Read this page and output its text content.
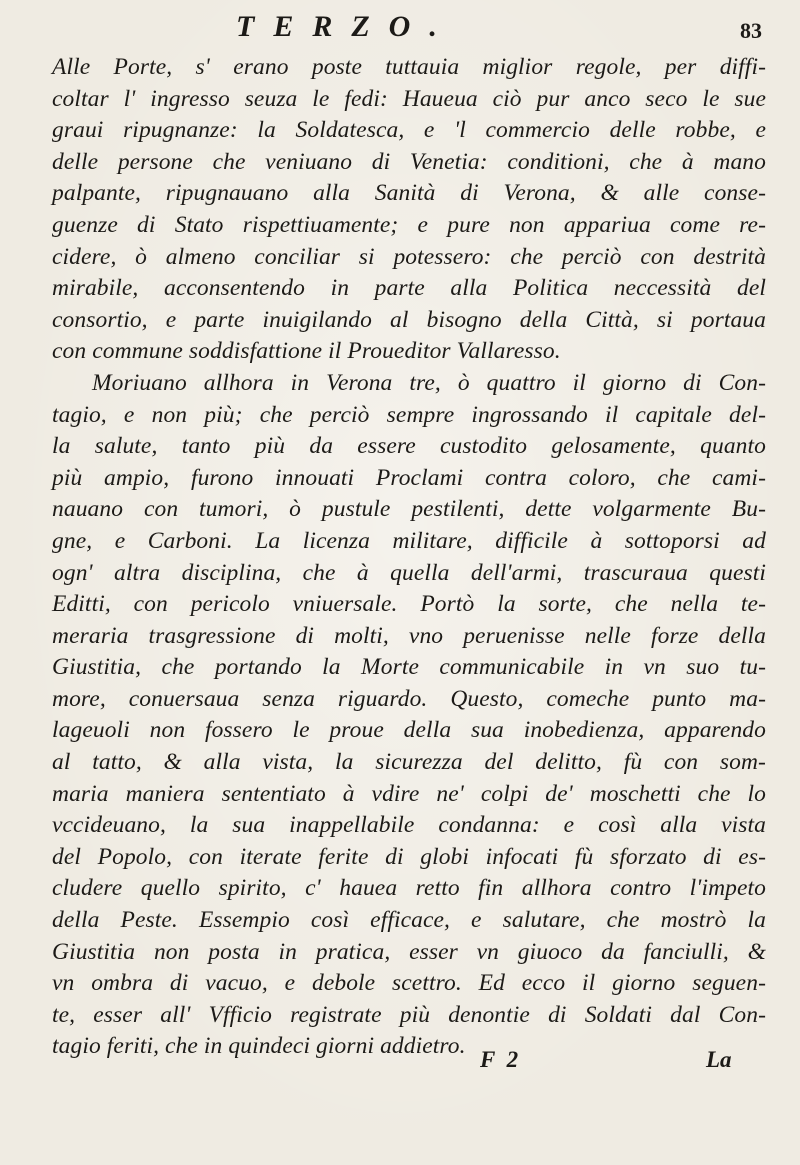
TERZO.	83
Alle Porte, s' erano poste tuttauia miglior regole, per diffi-
coltar l' ingresso seuza le fedi: Haueua ciò pur anco seco le sue
graui ripugnanze: la Soldatesca, e 'l commercio delle robbe, e
delle persone che veniuano di Venetia: conditioni, che à mano
palpante, ripugnauano alla Sanità di Verona, & alle conse-
guenze di Stato rispettiuamente; e pure non appariua come re-
cidere, ò almeno conciliar si potessero: che perciò con destrità
mirabile, acconsentendo in parte alla Politica neccessità del
consortio, e parte inuigilando al bisogno della Città, si portaua
con commune soddisfattione il Proueditor Vallaresso.
Moriuano allhora in Verona tre, ò quattro il giorno di Con-
tagio, e non più; che perciò sempre ingrossando il capitale del-
la salute, tanto più da essere custodito gelosamente, quanto
più ampio, furono innouati Proclami contra coloro, che cami-
nauano con tumori, ò pustule pestilenti, dette volgarmente Bu-
gne, e Carboni. La licenza militare, difficile à sottoporsi ad
ogn' altra disciplina, che à quella dell'armi, trascuraua questi
Editti, con pericolo vniuersale. Portò la sorte, che nella te-
meraria trasgressione di molti, vno peruenisse nelle forze della
Giustitia, che portando la Morte communicabile in vn suo tu-
more, conuersaua senza riguardo. Questo, comeche punto ma-
lageuoli non fossero le proue della sua inobedienza, apparendo
al tatto, & alla vista, la sicurezza del delitto, fù con som-
maria maniera sententiato à vdire ne' colpi de' moschetti che lo
vccideuano, la sua inappellabile condanna: e così alla vista
del Popolo, con iterate ferite di globi infocati fù sforzato di es-
cludere quello spirito, c' hauea retto fin allhora contro l'impeto
della Peste. Essempio così efficace, e salutare, che mostrò la
Giustitia non posta in pratica, esser vn giuoco da fanciulli, &
vn ombra di vacuo, e debole scettro. Ed ecco il giorno seguen-
te, esser all' Vfficio registrate più denontie di Soldati dal Con-
tagio feriti, che in quindeci giorni addietro.
F 2	La
